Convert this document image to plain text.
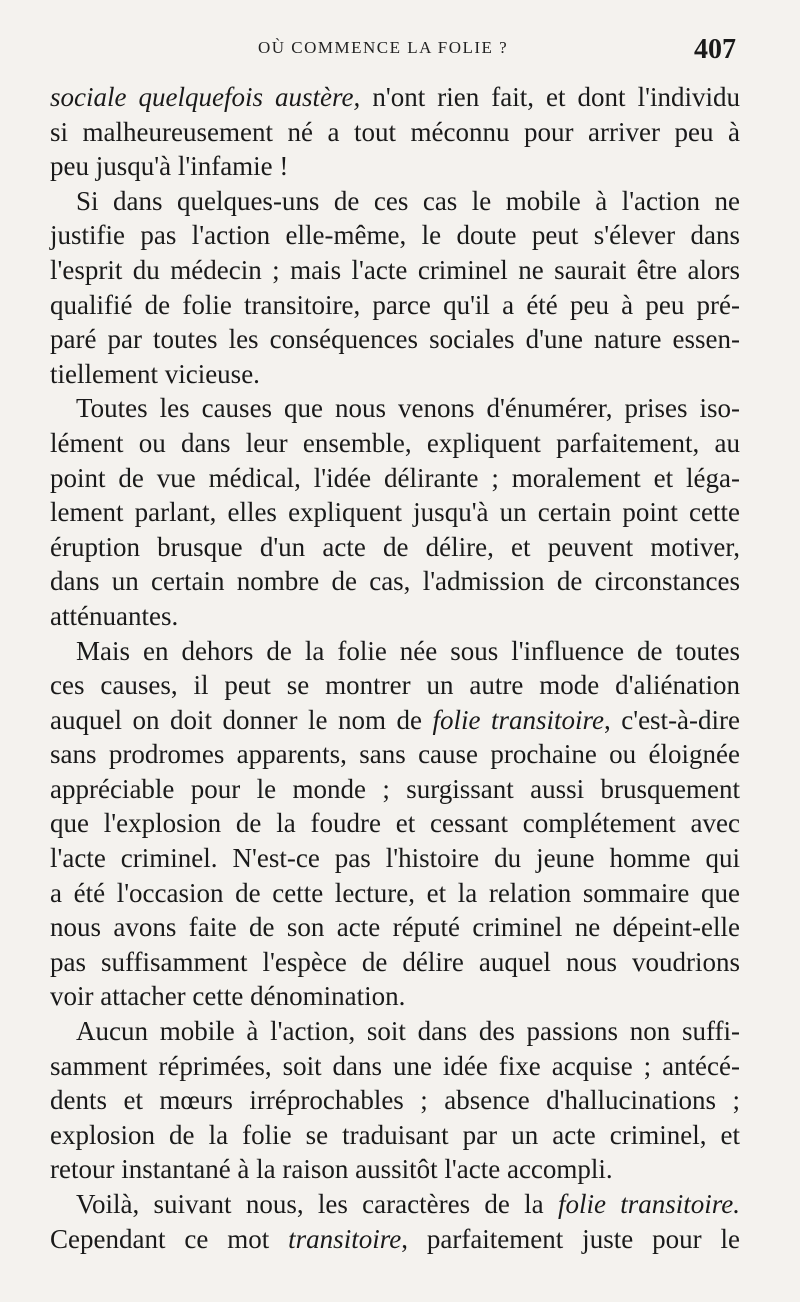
OÙ COMMENCE LA FOLIE ?	407
sociale quelquefois austère, n'ont rien fait, et dont l'individu
si malheureusement né a tout méconnu pour arriver peu à
peu jusqu'à l'infamie !
Si dans quelques-uns de ces cas le mobile à l'action ne
justifie pas l'action elle-même, le doute peut s'élever dans
l'esprit du médecin ; mais l'acte criminel ne saurait être alors
qualifié de folie transitoire, parce qu'il a été peu à peu pré-
paré par toutes les conséquences sociales d'une nature essen-
tiellement vicieuse.
Toutes les causes que nous venons d'énumérer, prises iso-
lément ou dans leur ensemble, expliquent parfaitement, au
point de vue médical, l'idée délirante ; moralement et léga-
lement parlant, elles expliquent jusqu'à un certain point cette
éruption brusque d'un acte de délire, et peuvent motiver,
dans un certain nombre de cas, l'admission de circonstances
atténuantes.
Mais en dehors de la folie née sous l'influence de toutes
ces causes, il peut se montrer un autre mode d'aliénation
auquel on doit donner le nom de folie transitoire, c'est-à-dire
sans prodromes apparents, sans cause prochaine ou éloignée
appréciable pour le monde ; surgissant aussi brusquement
que l'explosion de la foudre et cessant complétement avec
l'acte criminel. N'est-ce pas l'histoire du jeune homme qui
a été l'occasion de cette lecture, et la relation sommaire que
nous avons faite de son acte réputé criminel ne dépeint-elle
pas suffisamment l'espèce de délire auquel nous voudrions
voir attacher cette dénomination.
Aucun mobile à l'action, soit dans des passions non suffi-
samment réprimées, soit dans une idée fixe acquise ; antécé-
dents et mœurs irréprochables ; absence d'hallucinations ;
explosion de la folie se traduisant par un acte criminel, et
retour instantané à la raison aussitôt l'acte accompli.
Voilà, suivant nous, les caractères de la folie transitoire.
Cependant ce mot transitoire, parfaitement juste pour le
